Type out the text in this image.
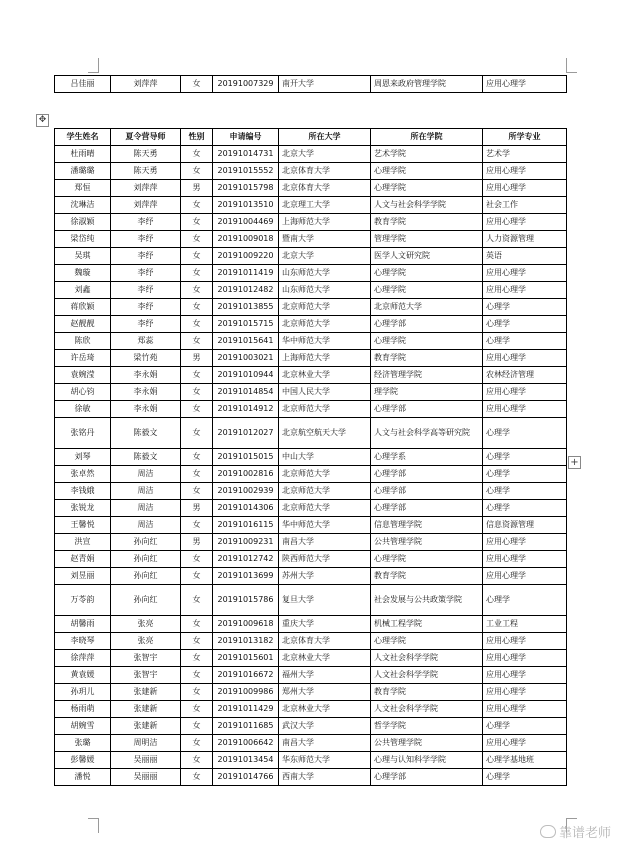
吕佳丽	刘萍萍	女	20191007329	南开大学	周恩来政府管理学院	应用心理学
✥
学生姓名	夏令营导师	性别	申请编号	所在大学	所在学院	所学专业
杜雨晴	陈天勇	女	20191014731	北京大学	艺术学院	艺术学
潘璐璐	陈天勇	女	20191015552	北京体育大学	心理学院	应用心理学
郑恒	刘萍萍	男	20191015798	北京体育大学	心理学院	应用心理学
沈琳洁	刘萍萍	女	20191013510	北京理工大学	人文与社会科学学院	社会工作
徐淑颖	李纾	女	20191004469	上海师范大学	教育学院	应用心理学
梁岱纯	李纾	女	20191009018	暨南大学	管理学院	人力资源管理
吴琪	李纾	女	20191009220	北京大学	医学人文研究院	英语
魏璇	李纾	女	20191011419	山东师范大学	心理学院	应用心理学
刘鑫	李纾	女	20191012482	山东师范大学	心理学院	应用心理学
蒋欣颖	李纾	女	20191013855	北京师范大学	北京师范大学	心理学
赵靓靓	李纾	女	20191015715	北京师范大学	心理学部	心理学
陈欣	郑蕊	女	20191015641	华中师范大学	心理学院	心理学
许岳琦	梁竹苑	男	20191003021	上海师范大学	教育学院	应用心理学
袁婉滢	李永娟	女	20191010944	北京林业大学	经济管理学院	农林经济管理
胡心钧	李永娟	女	20191014854	中国人民大学	理学院	应用心理学
徐敏	李永娟	女	20191014912	北京师范大学	心理学部	应用心理学
张铭丹	陈毅文	女	20191012027	北京航空航天大学	人文与社会科学高等研究院	心理学
刘琴	陈毅文	女	20191015015	中山大学	心理学系	心理学
张卓然	周洁	女	20191002816	北京师范大学	心理学部	心理学
李钱娥	周洁	女	20191002939	北京师范大学	心理学部	心理学
张锐龙	周洁	男	20191014306	北京师范大学	心理学部	心理学
王馨悦	周洁	女	20191016115	华中师范大学	信息管理学院	信息资源管理
洪宣	孙向红	男	20191009231	南昌大学	公共管理学院	应用心理学
赵青娟	孙向红	女	20191012742	陕西师范大学	心理学院	应用心理学
刘昱丽	孙向红	女	20191013699	苏州大学	教育学院	应用心理学
万苓韵	孙向红	女	20191015786	复旦大学	社会发展与公共政策学院	心理学
胡馨雨	张亮	女	20191009618	重庆大学	机械工程学院	工业工程
李晓琴	张亮	女	20191013182	北京体育大学	心理学院	应用心理学
徐萍萍	张智宇	女	20191015601	北京林业大学	人文社会科学学院	应用心理学
黄袁媛	张智宇	女	20191016672	福州大学	人文社会科学学院	应用心理学
孙玥儿	张建新	女	20191009986	郑州大学	教育学院	应用心理学
杨雨萌	张建新	女	20191011429	北京林业大学	人文社会科学学院	应用心理学
胡婉雪	张建新	女	20191011685	武汉大学	哲学学院	心理学
张璐	周明洁	女	20191006642	南昌大学	公共管理学院	应用心理学
彭馨媛	吴丽丽	女	20191013454	华东师范大学	心理与认知科学学院	心理学基地班
潘悦	吴丽丽	女	20191014766	西南大学	心理学部	心理学
+
靠谱老师
